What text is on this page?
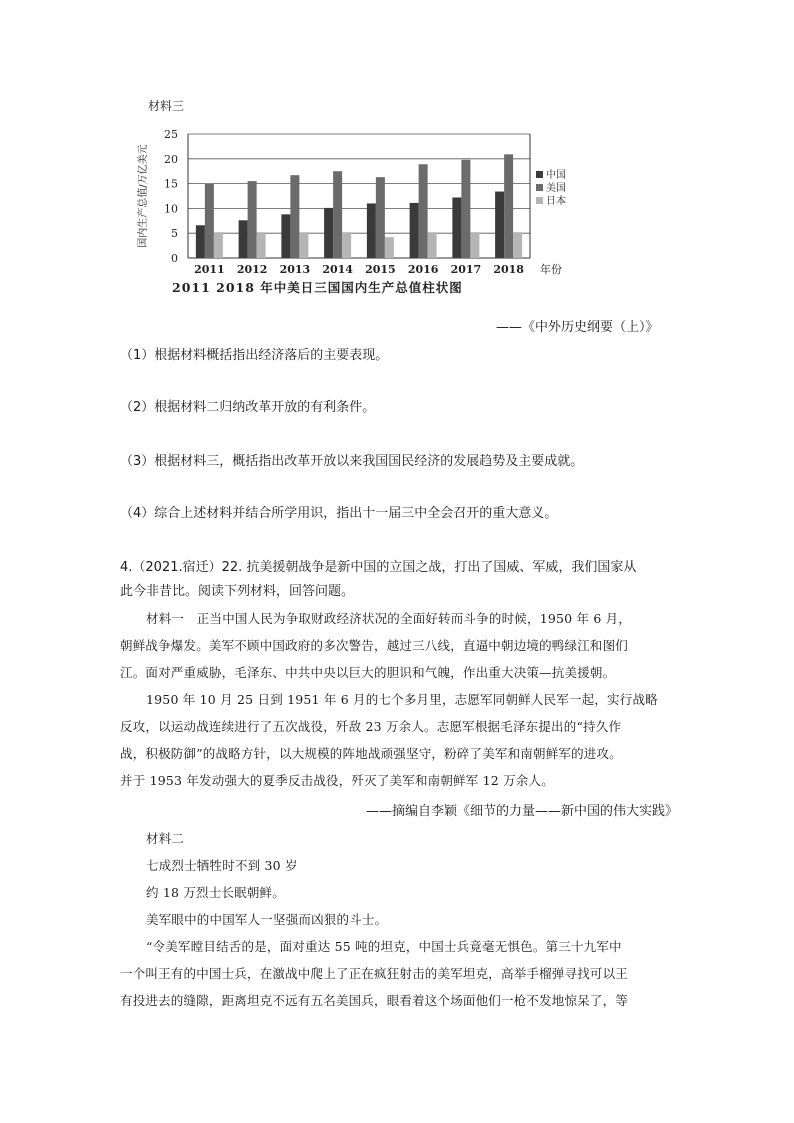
材料三
0
5
10
15
20
25
国内生产总值/万亿美元
2011 2012 2013 2014 2015 2016 2017 2018 年份
中国
美国
日本
2011 2018 年中美日三国国内生产总值柱状图
——《中外历史纲要（上）》
（1）根据材料概括指出经济落后的主要表现。
（2）根据材料二归纳改革开放的有利条件。
（3）根据材料三，概括指出改革开放以来我国国民经济的发展趋势及主要成就。
（4）综合上述材料并结合所学用识，指出十一届三中全会召开的重大意义。
4.（2021.宿迁）22. 抗美援朝战争是新中国的立国之战，打出了国威、军威，我们国家从
此今非昔比。阅读下列材料，回答问题。
材料一　正当中国人民为争取财政经济状况的全面好转而斗争的时候，1950 年 6 月，
朝鲜战争爆发。美军不顾中国政府的多次警告，越过三八线，直逼中朝边境的鸭绿江和图们
江。面对严重威胁，毛泽东、中共中央以巨大的胆识和气魄，作出重大决策—抗美援朝。
1950 年 10 月 25 日到 1951 年 6 月的七个多月里，志愿军同朝鲜人民军一起，实行战略
反攻，以运动战连续进行了五次战役，歼敌 23 万余人。志愿军根据毛泽东提出的“持久作
战，积极防御”的战略方针，以大规模的阵地战顽强坚守，粉碎了美军和南朝鲜军的进攻。
并于 1953 年发动强大的夏季反击战役，歼灭了美军和南朝鲜军 12 万余人。
——摘编自李颖《细节的力量——新中国的伟大实践》
材料二
七成烈士牺牲时不到 30 岁
约 18 万烈士长眠朝鲜。
美军眼中的中国军人一坚强而凶狠的斗士。
“令美军瞠目结舌的是，面对重达 55 吨的坦克，中国士兵竟毫无惧色。第三十九军中
一个叫王有的中国士兵，在激战中爬上了正在疯狂射击的美军坦克，高举手榴弹寻找可以王
有投进去的缝隙，距离坦克不远有五名美国兵，眼看着这个场面他们一枪不发地惊呆了，等
